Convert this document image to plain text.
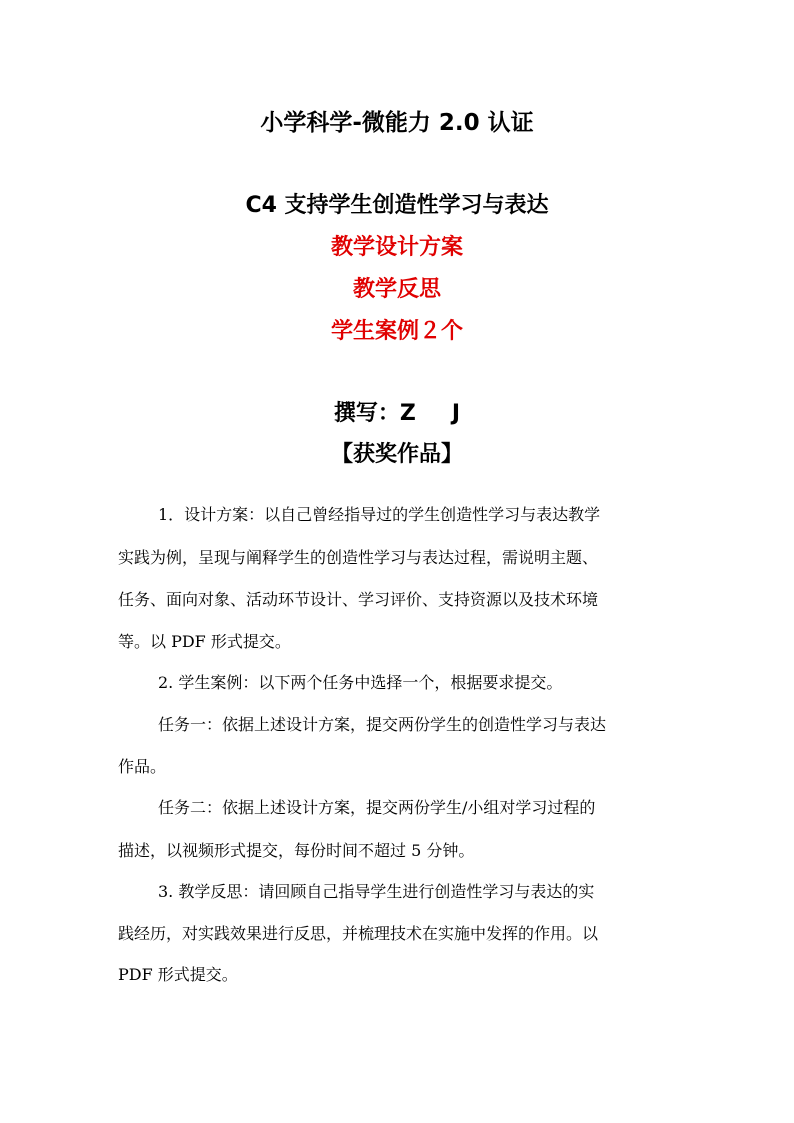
小学科学-微能力 2.0 认证
C4 支持学生创造性学习与表达
教学设计方案
教学反思
学生案例２个
撰写：Z J
【获奖作品】
1．设计方案：以自己曾经指导过的学生创造性学习与表达教学
实践为例，呈现与阐释学生的创造性学习与表达过程，需说明主题、
任务、面向对象、活动环节设计、学习评价、支持资源以及技术环境
等。以 PDF 形式提交。
2. 学生案例：以下两个任务中选择一个，根据要求提交。
任务一：依据上述设计方案，提交两份学生的创造性学习与表达
作品。
任务二：依据上述设计方案，提交两份学生/小组对学习过程的
描述，以视频形式提交，每份时间不超过 5 分钟。
3. 教学反思：请回顾自己指导学生进行创造性学习与表达的实
践经历，对实践效果进行反思，并梳理技术在实施中发挥的作用。以
PDF 形式提交。
